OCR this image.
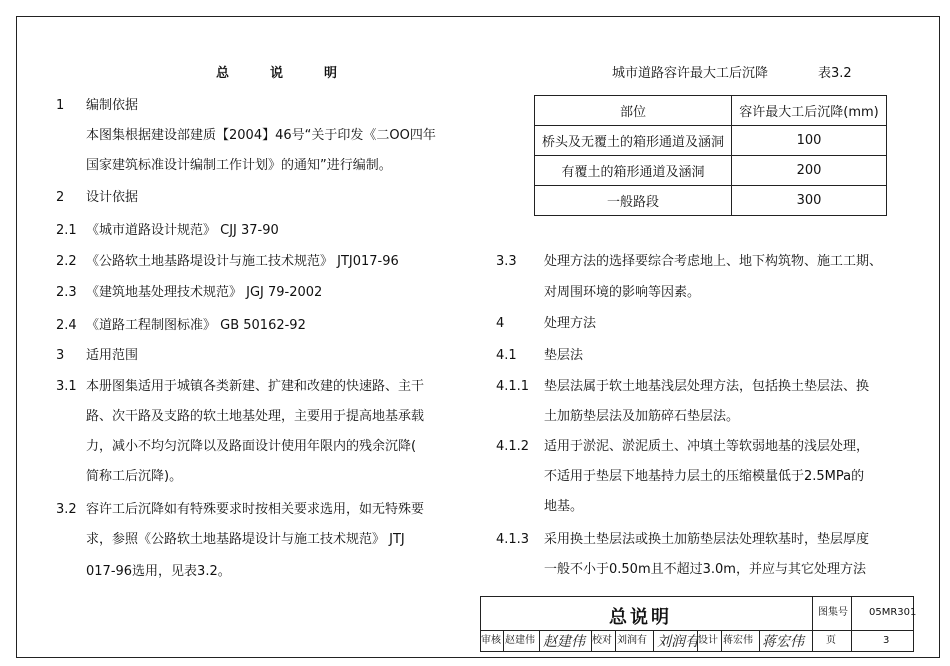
总　说　明
1 编制依据
本图集根据建设部建质【2004】46号“关于印发《二OO四年
国家建筑标准设计编制工作计划》的通知”进行编制。
2 设计依据
2.1 《城市道路设计规范》 CJJ 37-90
2.2 《公路软土地基路堤设计与施工技术规范》 JTJ017-96
2.3 《建筑地基处理技术规范》 JGJ 79-2002
2.4 《道路工程制图标准》 GB 50162-92
3 适用范围
3.1 本册图集适用于城镇各类新建、扩建和改建的快速路、主干
路、次干路及支路的软土地基处理，主要用于提高地基承载
力，减小不均匀沉降以及路面设计使用年限内的残余沉降(
简称工后沉降)。
3.2 容许工后沉降如有特殊要求时按相关要求选用，如无特殊要
求，参照《公路软土地基路堤设计与施工技术规范》 JTJ
017-96选用，见表3.2。
城市道路容许最大工后沉降	表3.2
部位	容许最大工后沉降(mm)
桥头及无覆土的箱形通道及涵洞	100
有覆土的箱形通道及涵洞	200
一般路段	300
3.3 处理方法的选择要综合考虑地上、地下构筑物、施工工期、
对周围环境的影响等因素。
4	处理方法
4.1 垫层法
4.1.1 垫层法属于软土地基浅层处理方法，包括换土垫层法、换
土加筋垫层法及加筋碎石垫层法。
4.1.2 适用于淤泥、淤泥质土、冲填土等软弱地基的浅层处理，
不适用于垫层下地基持力层土的压缩模量低于2.5MPa的
地基。
4.1.3 采用换土垫层法或换土加筋垫层法处理软基时，垫层厚度
一般不小于0.50m且不超过3.0m，并应与其它处理方法
总说明	图集号 05MR301
审核 赵建伟 赵建伟 校对 刘润有 刘润有 设计 蒋宏伟 蒋宏伟 页	3
